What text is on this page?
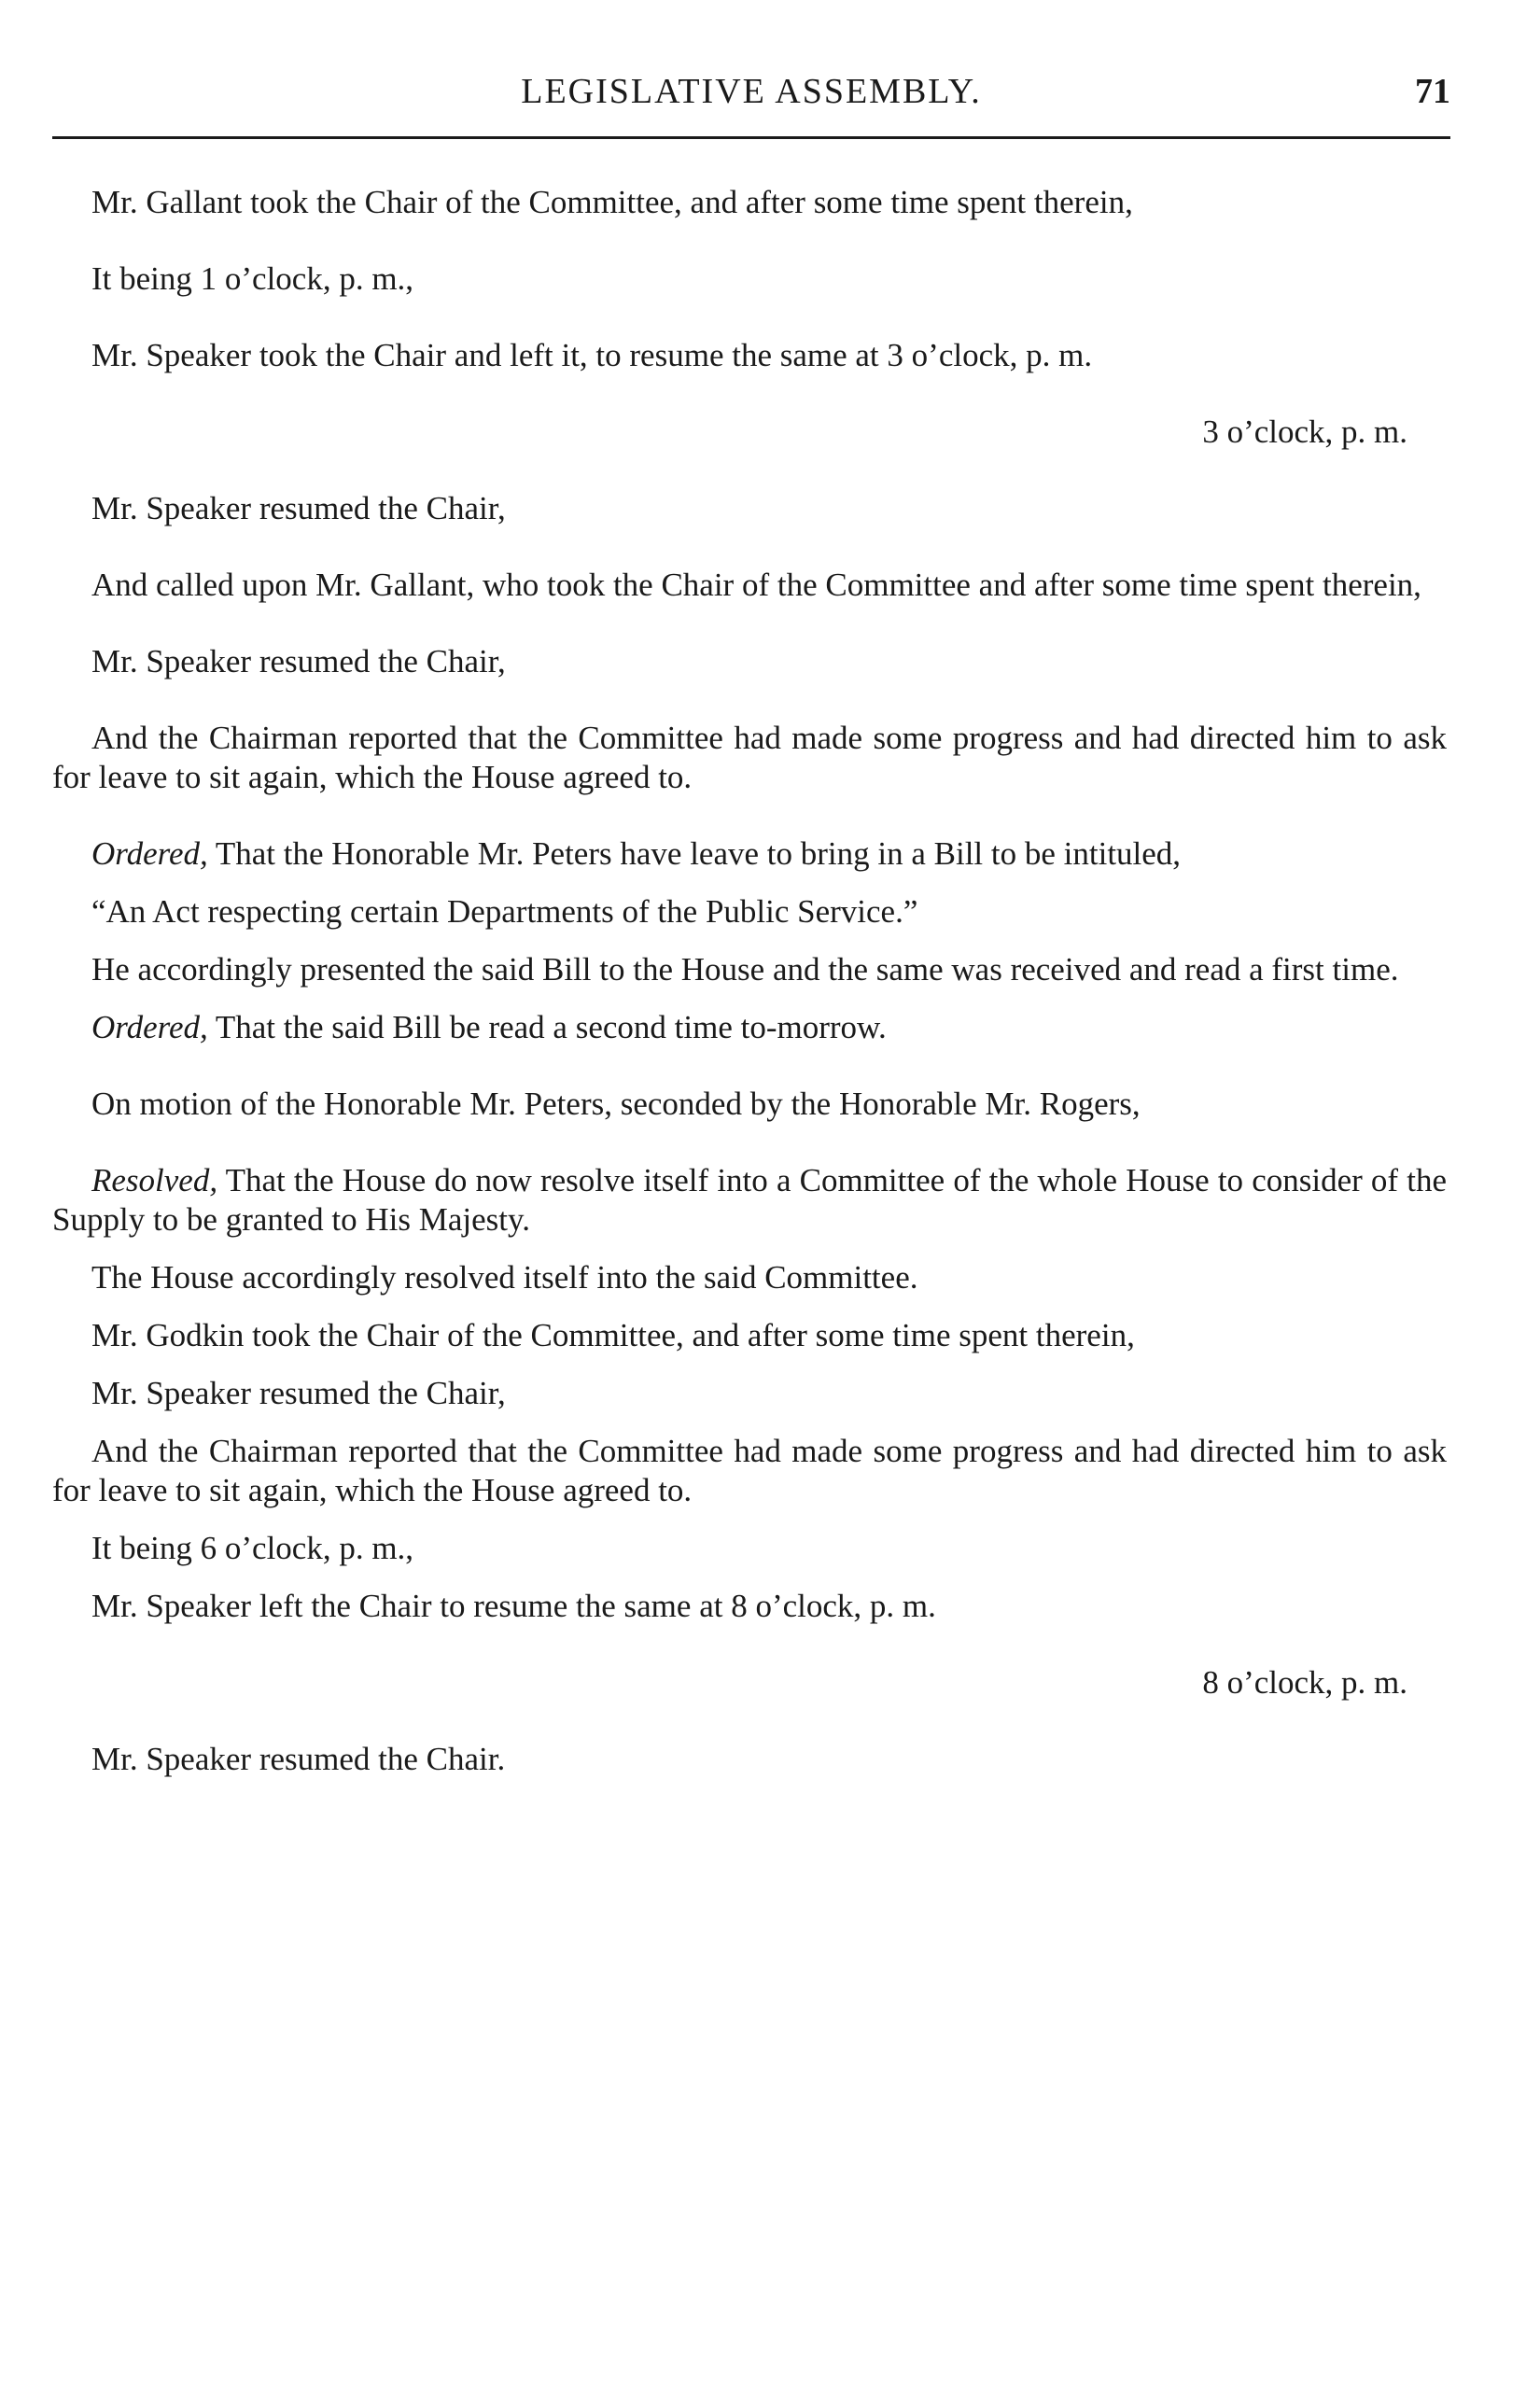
LEGISLATIVE ASSEMBLY.	71

Mr. Gallant took the Chair of the Committee, and after some time spent therein,

It being 1 o’clock, p. m.,

Mr. Speaker took the Chair and left it, to resume the same at 3 o’clock, p. m.

3 o’clock, p. m.

Mr. Speaker resumed the Chair,

And called upon Mr. Gallant, who took the Chair of the Committee and after some time spent therein,

Mr. Speaker resumed the Chair,

And the Chairman reported that the Committee had made some progress and had directed him to ask for leave to sit again, which the House agreed to.

Ordered, That the Honorable Mr. Peters have leave to bring in a Bill to be intituled,

“An Act respecting certain Departments of the Public Service.”

He accordingly presented the said Bill to the House and the same was received and read a first time.

Ordered, That the said Bill be read a second time to-morrow.

On motion of the Honorable Mr. Peters, seconded by the Honorable Mr. Rogers,

Resolved, That the House do now resolve itself into a Committee of the whole House to consider of the Supply to be granted to His Majesty.

The House accordingly resolved itself into the said Committee.

Mr. Godkin took the Chair of the Committee, and after some time spent therein,

Mr. Speaker resumed the Chair,

And the Chairman reported that the Committee had made some progress and had directed him to ask for leave to sit again, which the House agreed to.

It being 6 o’clock, p. m.,

Mr. Speaker left the Chair to resume the same at 8 o’clock, p. m.

8 o’clock, p. m.

Mr. Speaker resumed the Chair.
